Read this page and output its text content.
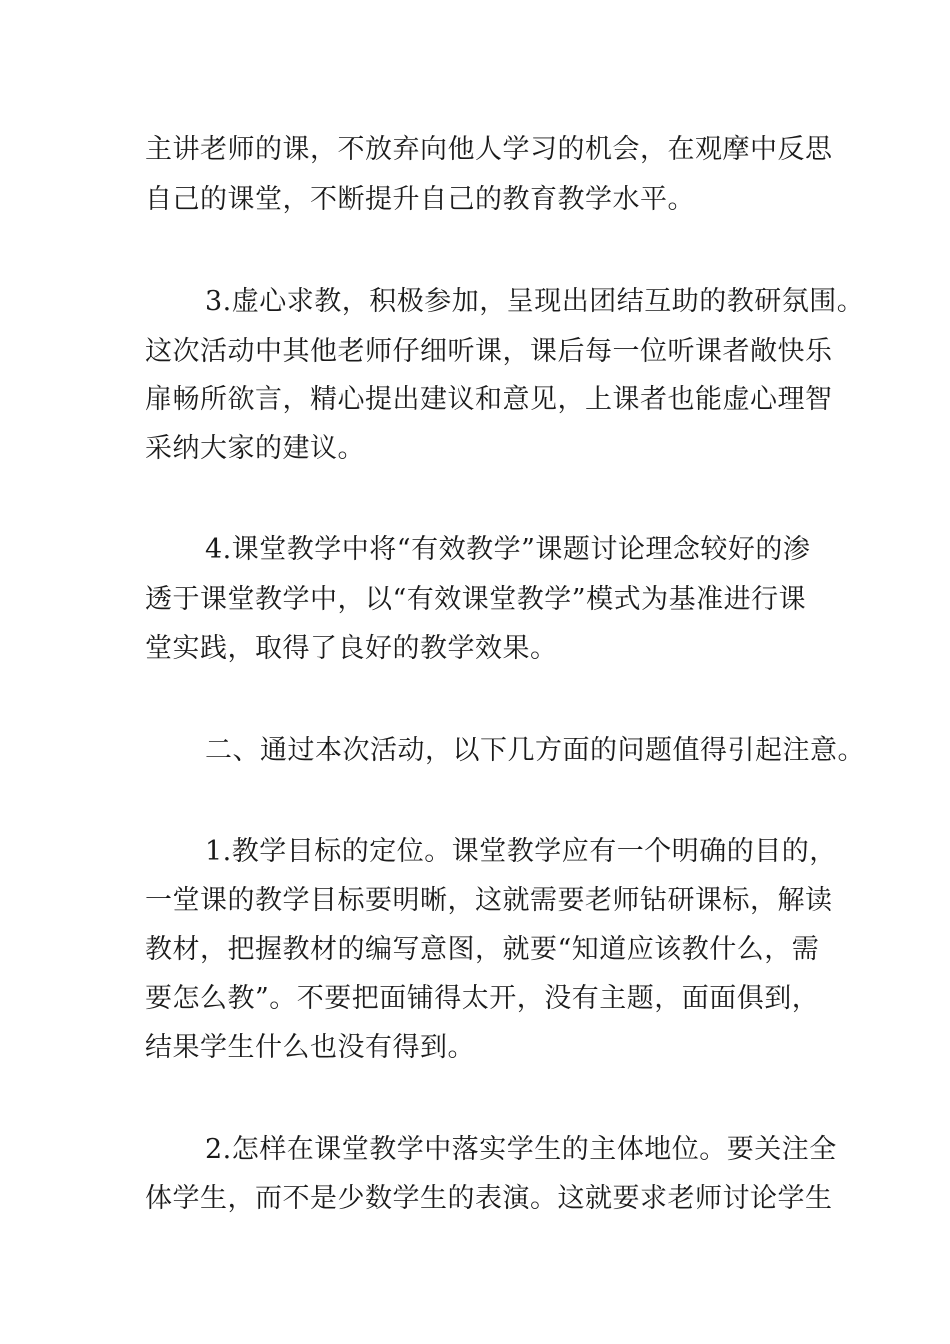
主讲老师的课，不放弃向他人学习的机会，在观摩中反思
自己的课堂，不断提升自己的教育教学水平。
3.虚心求教，积极参加，呈现出团结互助的教研氛围。
这次活动中其他老师仔细听课，课后每一位听课者敞快乐
扉畅所欲言，精心提出建议和意见，上课者也能虚心理智
采纳大家的建议。
4.课堂教学中将“有效教学”课题讨论理念较好的渗
透于课堂教学中，以“有效课堂教学”模式为基准进行课
堂实践，取得了良好的教学效果。
二、通过本次活动，以下几方面的问题值得引起注意。
1.教学目标的定位。课堂教学应有一个明确的目的，
一堂课的教学目标要明晰，这就需要老师钻研课标，解读
教材，把握教材的编写意图，就要“知道应该教什么，需
要怎么教”。不要把面铺得太开，没有主题，面面俱到，
结果学生什么也没有得到。
2.怎样在课堂教学中落实学生的主体地位。要关注全
体学生，而不是少数学生的表演。这就要求老师讨论学生
